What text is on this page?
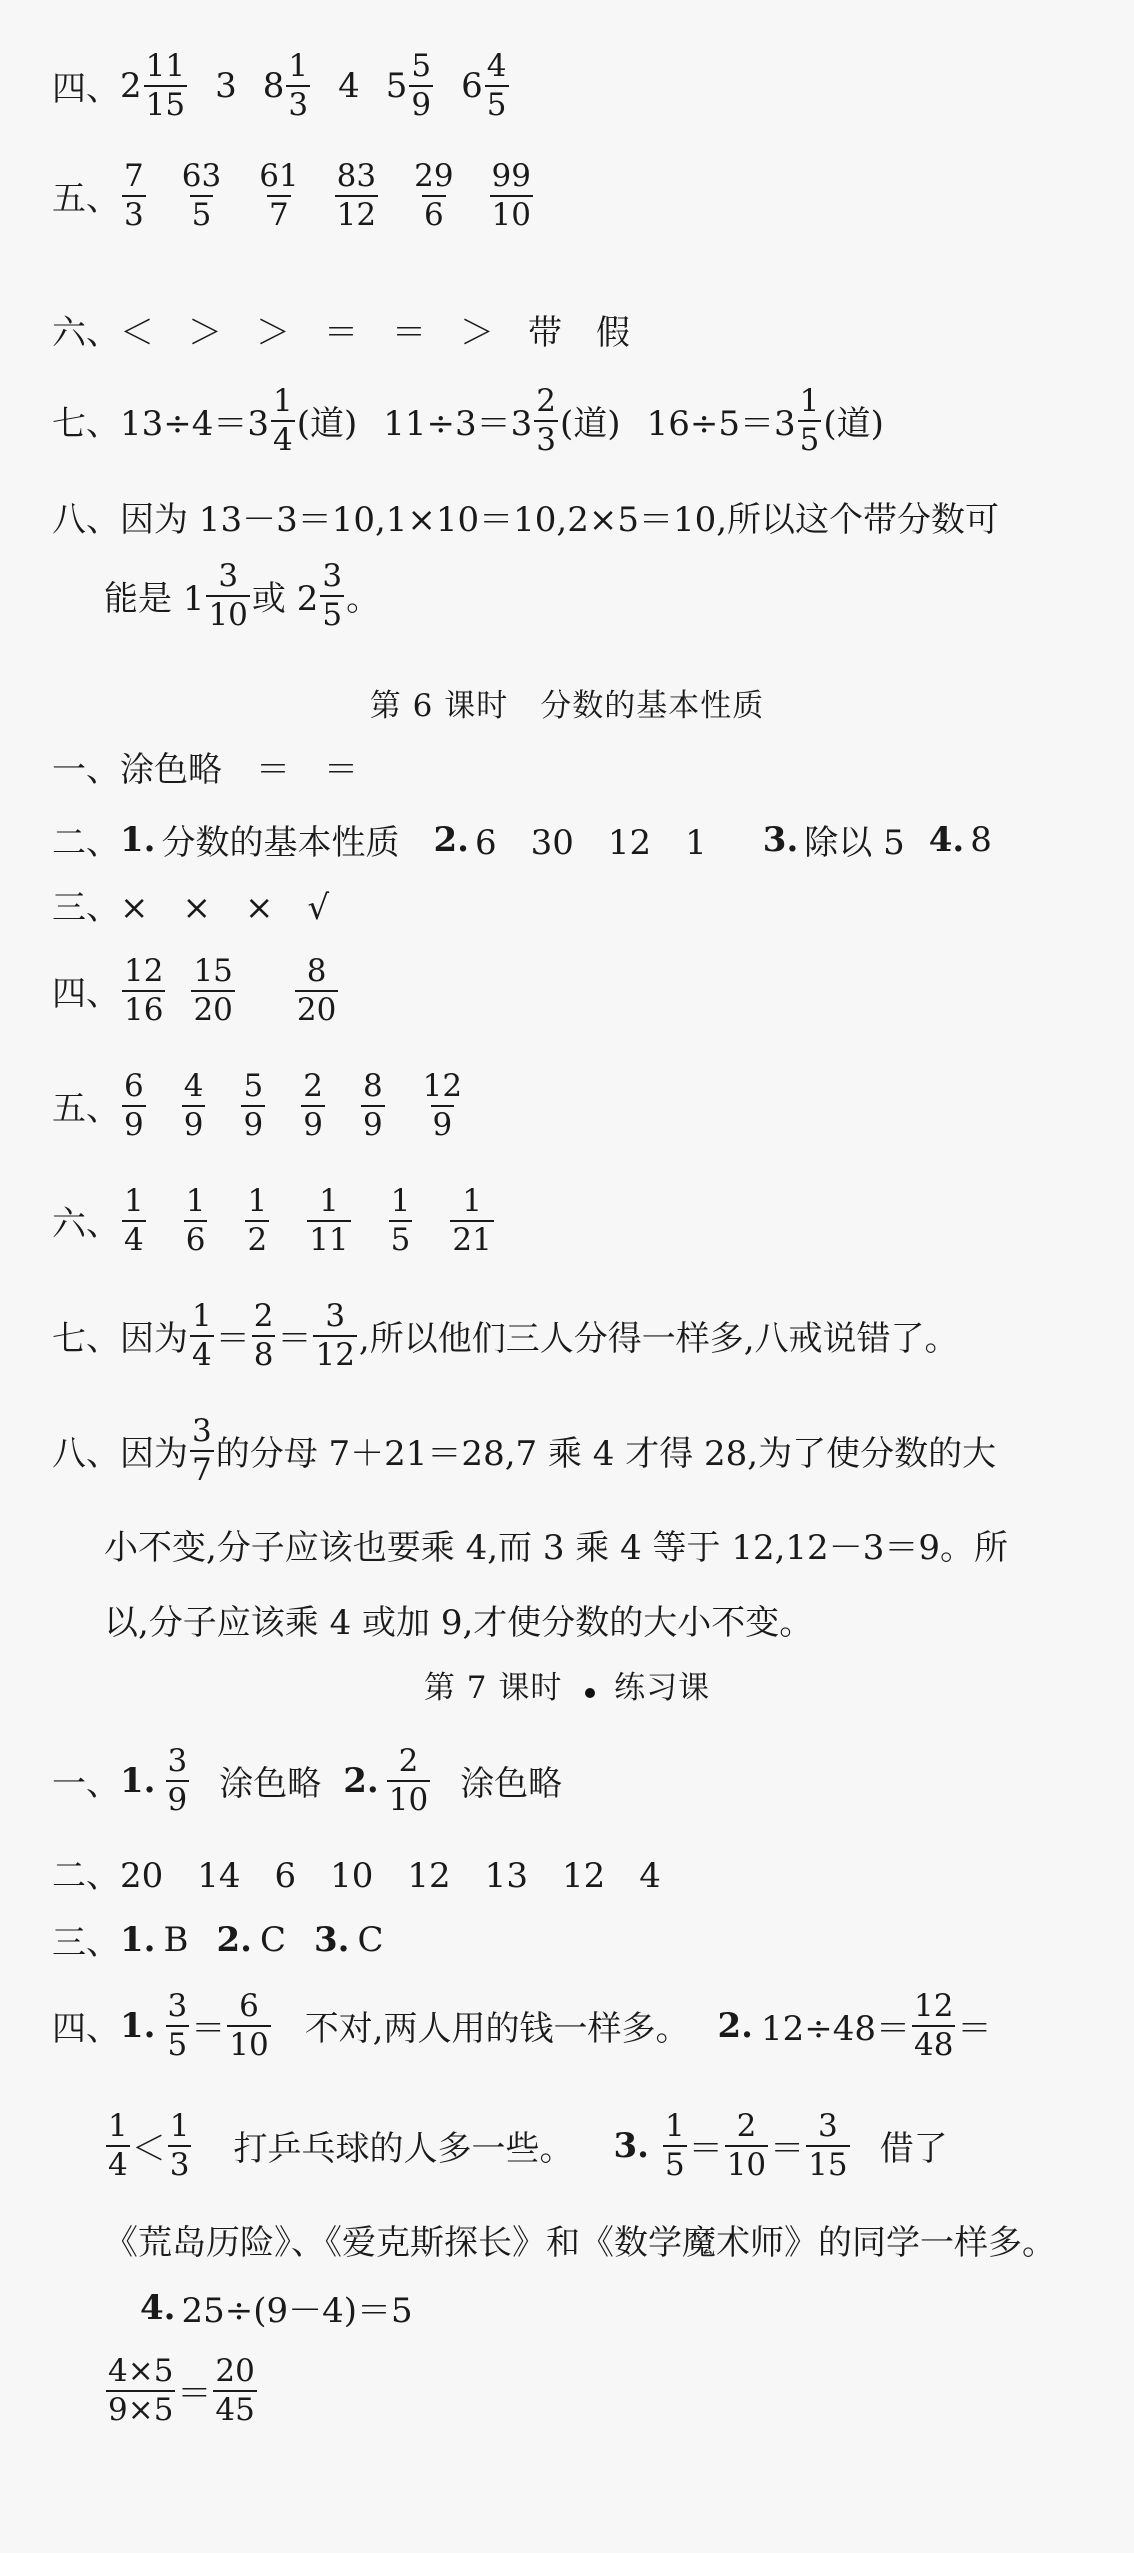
四、 $2 \frac{11}{15} 3$ $8 \frac{1}{3} 4$ $5 \frac{5}{9} 6 \frac{4}{5}$
五、 $\frac{7}{3} \frac{63}{5} \frac{61}{7} \frac{83}{12} \frac{29}{6} \frac{99}{10}$
六、 ＜　＞　＞　＝　＝　＞　带　假
七、 $13\div 4=3 \frac{1}{4}$ (道) $11\div 3=3 \frac{2}{3}$ (道) $16\div 5=3 \frac{1}{5}$ (道)
八、 因为 13－3＝10,1×10＝10,2×5＝10,所以这个带分数可
能是 $1 \frac{3}{10}$ 或 $2 \frac{3}{5}$ 。
第 6 课时　分数的基本性质
一、 涂色略　＝　＝
二、 1. 分数的基本性质 2. 6　30　12　1 3. 除以 5 4. 8
三、 ×　×　×　√
四、 $\frac{12}{16} \frac{15}{20} \frac{8}{20}$
五、 $\frac{6}{9} \frac{4}{9} \frac{5}{9} \frac{2}{9} \frac{8}{9} \frac{12}{9}$
六、 $\frac{1}{4} \frac{1}{6} \frac{1}{2} \frac{1}{11} \frac{1}{5} \frac{1}{21}$
七、 因为 $\frac{1}{4} = \frac{2}{8} = \frac{3}{12}$ ,所以他们三人分得一样多,八戒说错了。
八、 因为 $\frac{3}{7}$ 的分母 7＋21＝28,7 乘 4 才得 28,为了使分数的大
小不变,分子应该也要乘 4,而 3 乘 4 等于 12,12－3＝9。所
以,分子应该乘 4 或加 9,才使分数的大小不变。
第 7 课时 练习课
一、 1. $\frac{3}{9}$ 涂色略 2. $\frac{2}{10}$ 涂色略
二、 20　14　6　10　12　13　12　4
三、 1. B 2. C 3. C
四、 1. $\frac{3}{5} = \frac{6}{10}$ 不对,两人用的钱一样多。 2. $12\div 48= \frac{12}{48}$ ＝
$\frac{1}{4} < \frac{1}{3}$ 打乒乓球的人多一些。 3. $\frac{1}{5} = \frac{2}{10} = \frac{3}{15}$ 借了
《荒岛历险》、《爱克斯探长》和《数学魔术师》的同学一样多。
4. 25÷(9－4)＝5
$\frac{4\times 5}{9\times 5} = \frac{20}{45}$
